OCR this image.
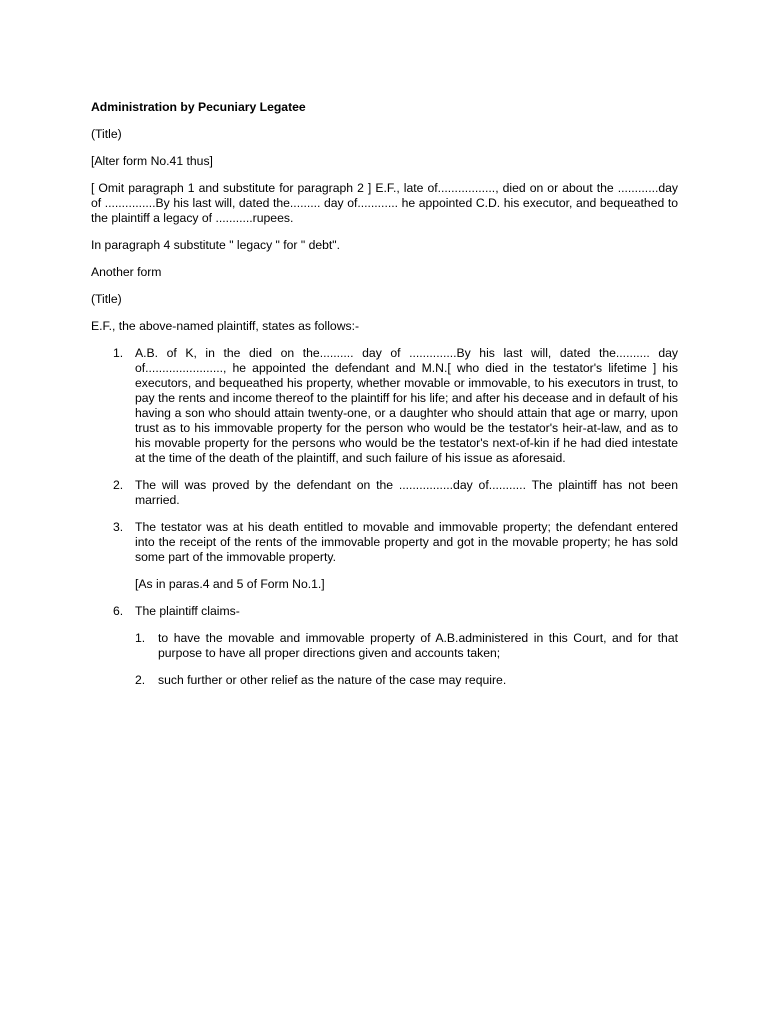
Administration by Pecuniary Legatee
(Title)
[Alter form No.41 thus]
[ Omit paragraph 1 and substitute for paragraph 2 ] E.F., late of................., died on or about the ............day of ...............By his last will, dated the......... day of............ he appointed C.D. his executor, and bequeathed to the plaintiff a legacy of ...........rupees.
In paragraph 4 substitute " legacy " for " debt".
Another form
(Title)
E.F., the above-named plaintiff, states as follows:-
1. A.B. of K, in the died on the.......... day of ..............By his last will, dated the.......... day of......................., he appointed the defendant and M.N.[ who died in the testator's lifetime ] his executors, and bequeathed his property, whether movable or immovable, to his executors in trust, to pay the rents and income thereof to the plaintiff for his life; and after his decease and in default of his having a son who should attain twenty-one, or a daughter who should attain that age or marry, upon trust as to his immovable property for the person who would be the testator's heir-at-law, and as to his movable property for the persons who would be the testator's next-of-kin if he had died intestate at the time of the death of the plaintiff, and such failure of his issue as aforesaid.
2. The will was proved by the defendant on the ................day of........... The plaintiff has not been married.
3. The testator was at his death entitled to movable and immovable property; the defendant entered into the receipt of the rents of the immovable property and got in the movable property; he has sold some part of the immovable property.
[As in paras.4 and 5 of Form No.1.]
6. The plaintiff claims-
1. to have the movable and immovable property of A.B.administered in this Court, and for that purpose to have all proper directions given and accounts taken;
2. such further or other relief as the nature of the case may require.
